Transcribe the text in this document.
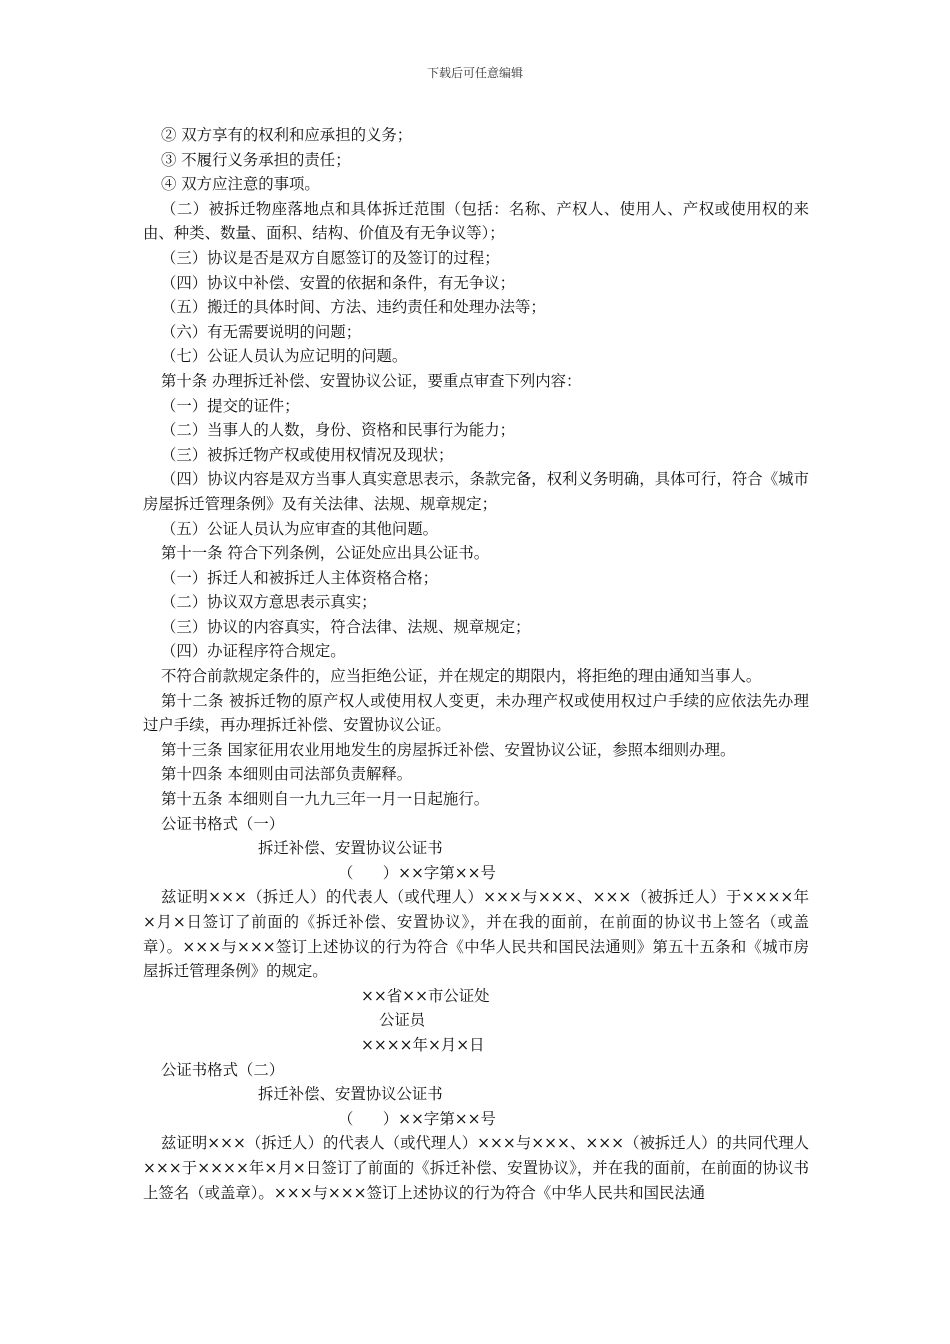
下载后可任意编辑
② 双方享有的权利和应承担的义务；
③ 不履行义务承担的责任；
④ 双方应注意的事项。
（二）被拆迁物座落地点和具体拆迁范围（包括：名称、产权人、使用人、产权或使用权的来由、种类、数量、面积、结构、价值及有无争议等）；
（三）协议是否是双方自愿签订的及签订的过程；
（四）协议中补偿、安置的依据和条件，有无争议；
（五）搬迁的具体时间、方法、违约责任和处理办法等；
（六）有无需要说明的问题；
（七）公证人员认为应记明的问题。
第十条 办理拆迁补偿、安置协议公证，要重点审查下列内容：
（一）提交的证件；
（二）当事人的人数，身份、资格和民事行为能力；
（三）被拆迁物产权或使用权情况及现状；
（四）协议内容是双方当事人真实意思表示，条款完备，权利义务明确，具体可行，符合《城市房屋拆迁管理条例》及有关法律、法规、规章规定；
（五）公证人员认为应审查的其他问题。
第十一条 符合下列条例，公证处应出具公证书。
（一）拆迁人和被拆迁人主体资格合格；
（二）协议双方意思表示真实；
（三）协议的内容真实，符合法律、法规、规章规定；
（四）办证程序符合规定。
不符合前款规定条件的，应当拒绝公证，并在规定的期限内，将拒绝的理由通知当事人。
第十二条 被拆迁物的原产权人或使用权人变更，未办理产权或使用权过户手续的应依法先办理过户手续，再办理拆迁补偿、安置协议公证。
第十三条 国家征用农业用地发生的房屋拆迁补偿、安置协议公证，参照本细则办理。
第十四条 本细则由司法部负责解释。
第十五条 本细则自一九九三年一月一日起施行。
公证书格式（一）
拆迁补偿、安置协议公证书
（      ）××字第××号
兹证明×××（拆迁人）的代表人（或代理人）×××与×××、×××（被拆迁人）于××××年×月×日签订了前面的《拆迁补偿、安置协议》，并在我的面前，在前面的协议书上签名（或盖章）。×××与×××签订上述协议的行为符合《中华人民共和国民法通则》第五十五条和《城市房屋拆迁管理条例》的规定。
××省××市公证处
公证员
××××年×月×日
公证书格式（二）
拆迁补偿、安置协议公证书
（      ）××字第××号
兹证明×××（拆迁人）的代表人（或代理人）×××与×××、×××（被拆迁人）的共同代理人×××于××××年×月×日签订了前面的《拆迁补偿、安置协议》，并在我的面前，在前面的协议书上签名（或盖章）。×××与×××签订上述协议的行为符合《中华人民共和国民法通
